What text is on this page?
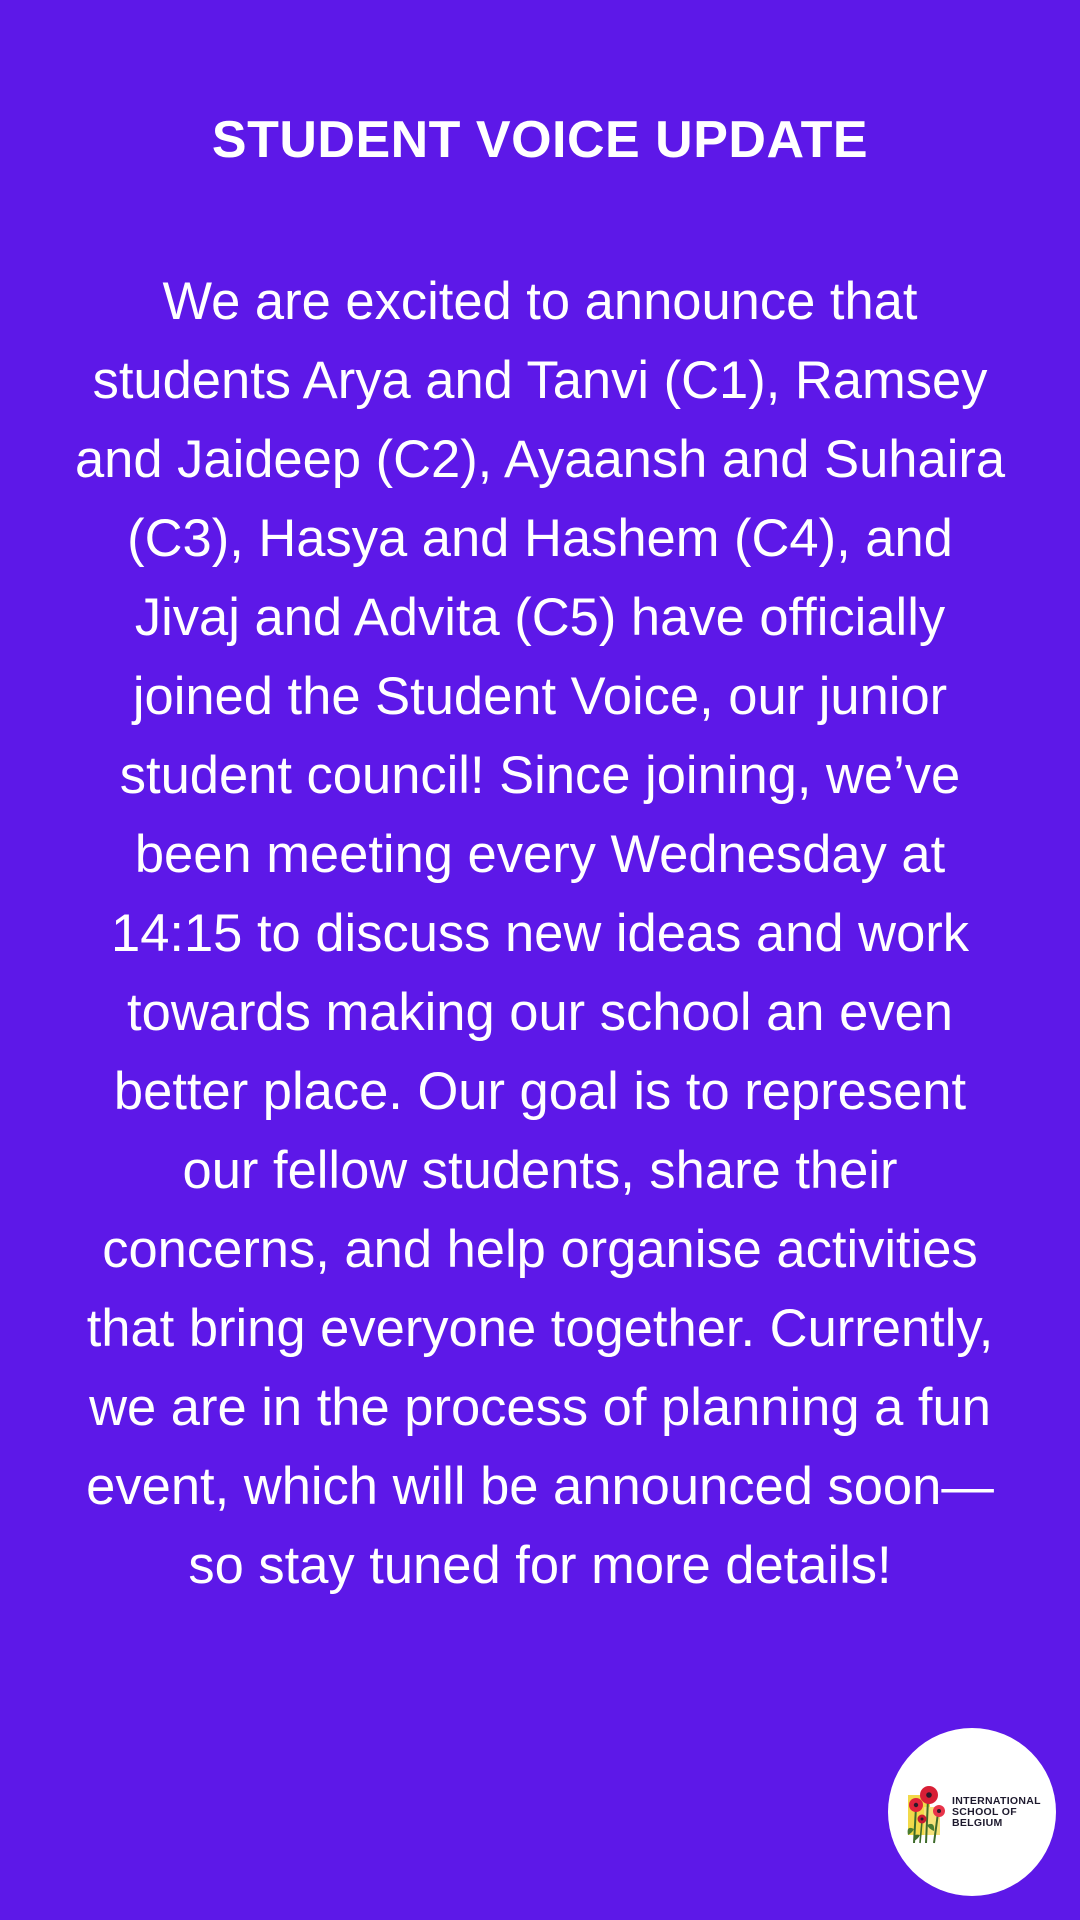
STUDENT VOICE UPDATE

We are excited to announce that students Arya and Tanvi (C1), Ramsey and Jaideep (C2), Ayaansh and Suhaira (C3), Hasya and Hashem (C4), and Jivaj and Advita (C5) have officially joined the Student Voice, our junior student council! Since joining, we’ve been meeting every Wednesday at 14:15 to discuss new ideas and work towards making our school an even better place. Our goal is to represent our fellow students, share their concerns, and help organise activities that bring everyone together. Currently, we are in the process of planning a fun event, which will be announced soon—so stay tuned for more details!

INTERNATIONAL
SCHOOL OF
BELGIUM
